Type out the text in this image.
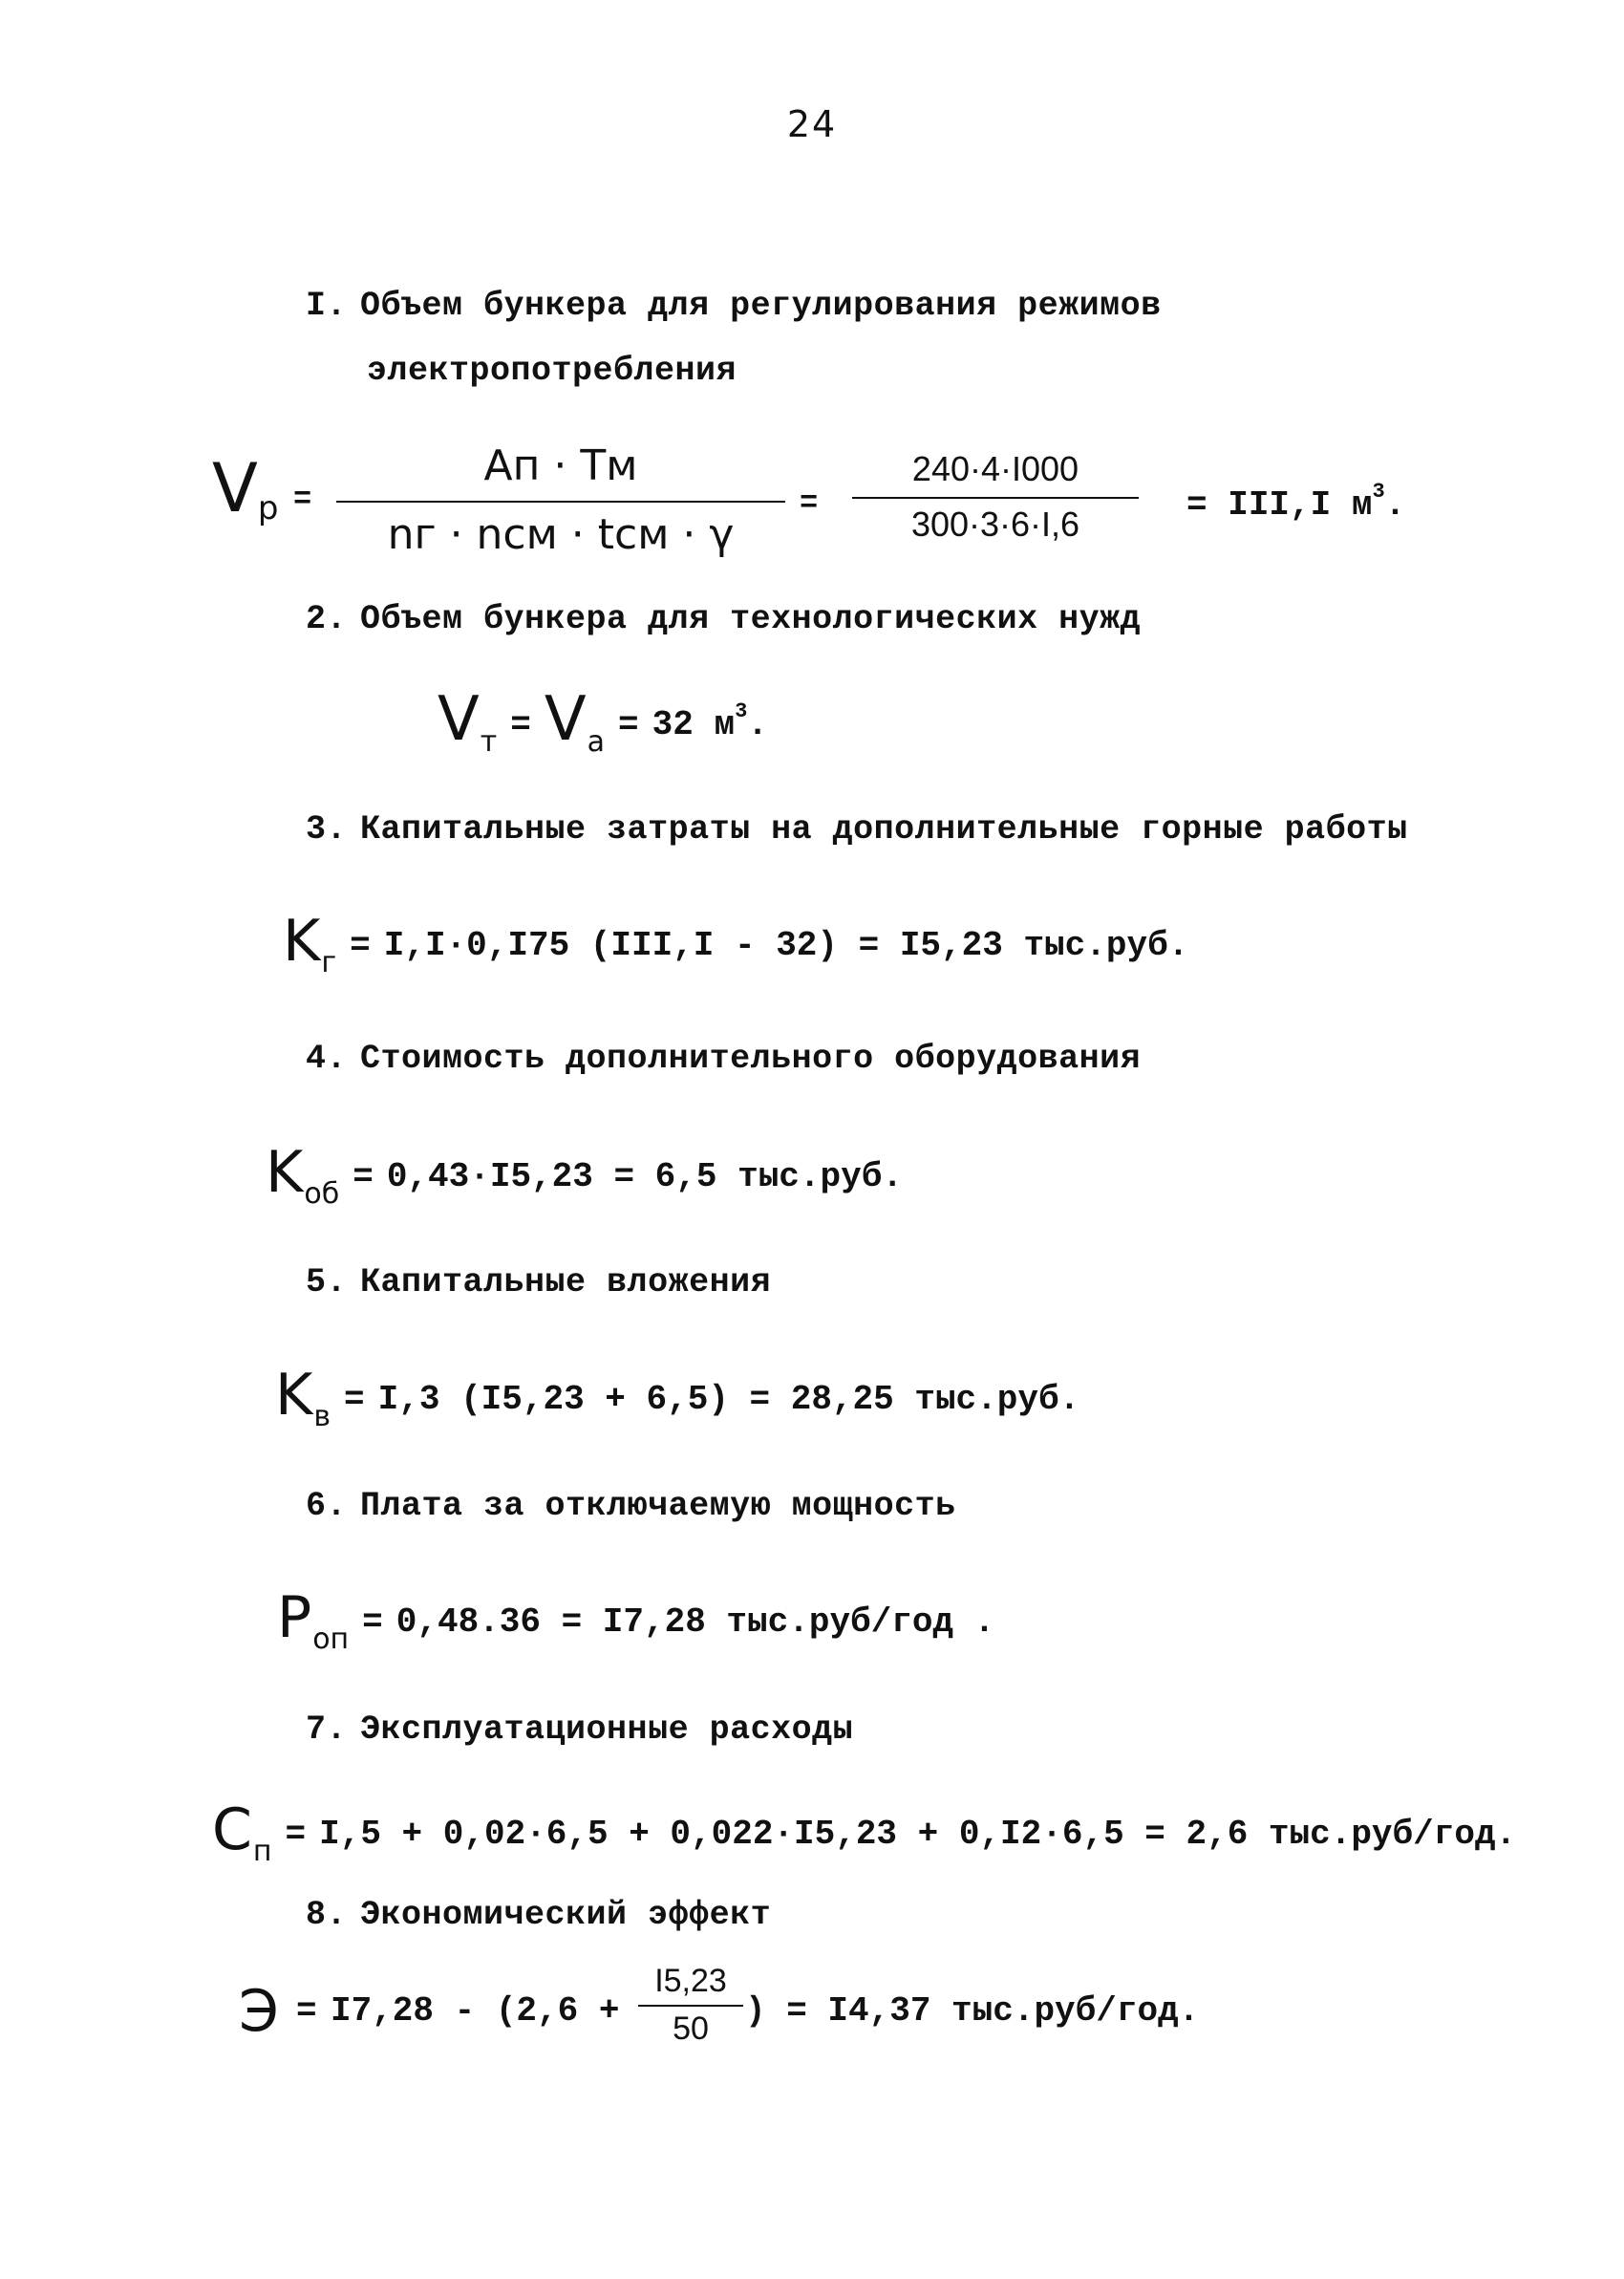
24
I. Объем бункера для регулирования режимов
электропотребления
Vр =
Aп · Tм
nг · nсм · tсм · γ
=
240·4·I000
300·3·6·I,6	= III,I $м^3$.
2. Объем бункера для технологических нужд
$V_т = V_а = 32$ $м^3$.
3. Капитальные затраты на дополнительные горные работы
$K_г = I,I\cdot 0,I75$ (III,I - 32) = I5,23 тыс.руб.
4. Стоимость дополнительного оборудования
$K_{об} = 0,43\cdot I5,23 = 6,5$ тыс.руб.
5. Капитальные вложения
$K_в = I,3$ (I5,23 + 6,5) = 28,25 тыс.руб.
6. Плата за отключаемую мощность
$P_{оп} = 0,48.36 = I7,28$ тыс.руб/год .
7. Эксплуатационные расходы
$C_п = I,5 + 0,02\cdot 6,5 + 0,022\cdot I5,23 + 0,I2\cdot 6,5 = 2,6$ тыс.руб/год.
8. Экономический эффект
Э = I7,28 - (2,6 +
I5,23
50	) = I4,37 тыс.руб/год.
